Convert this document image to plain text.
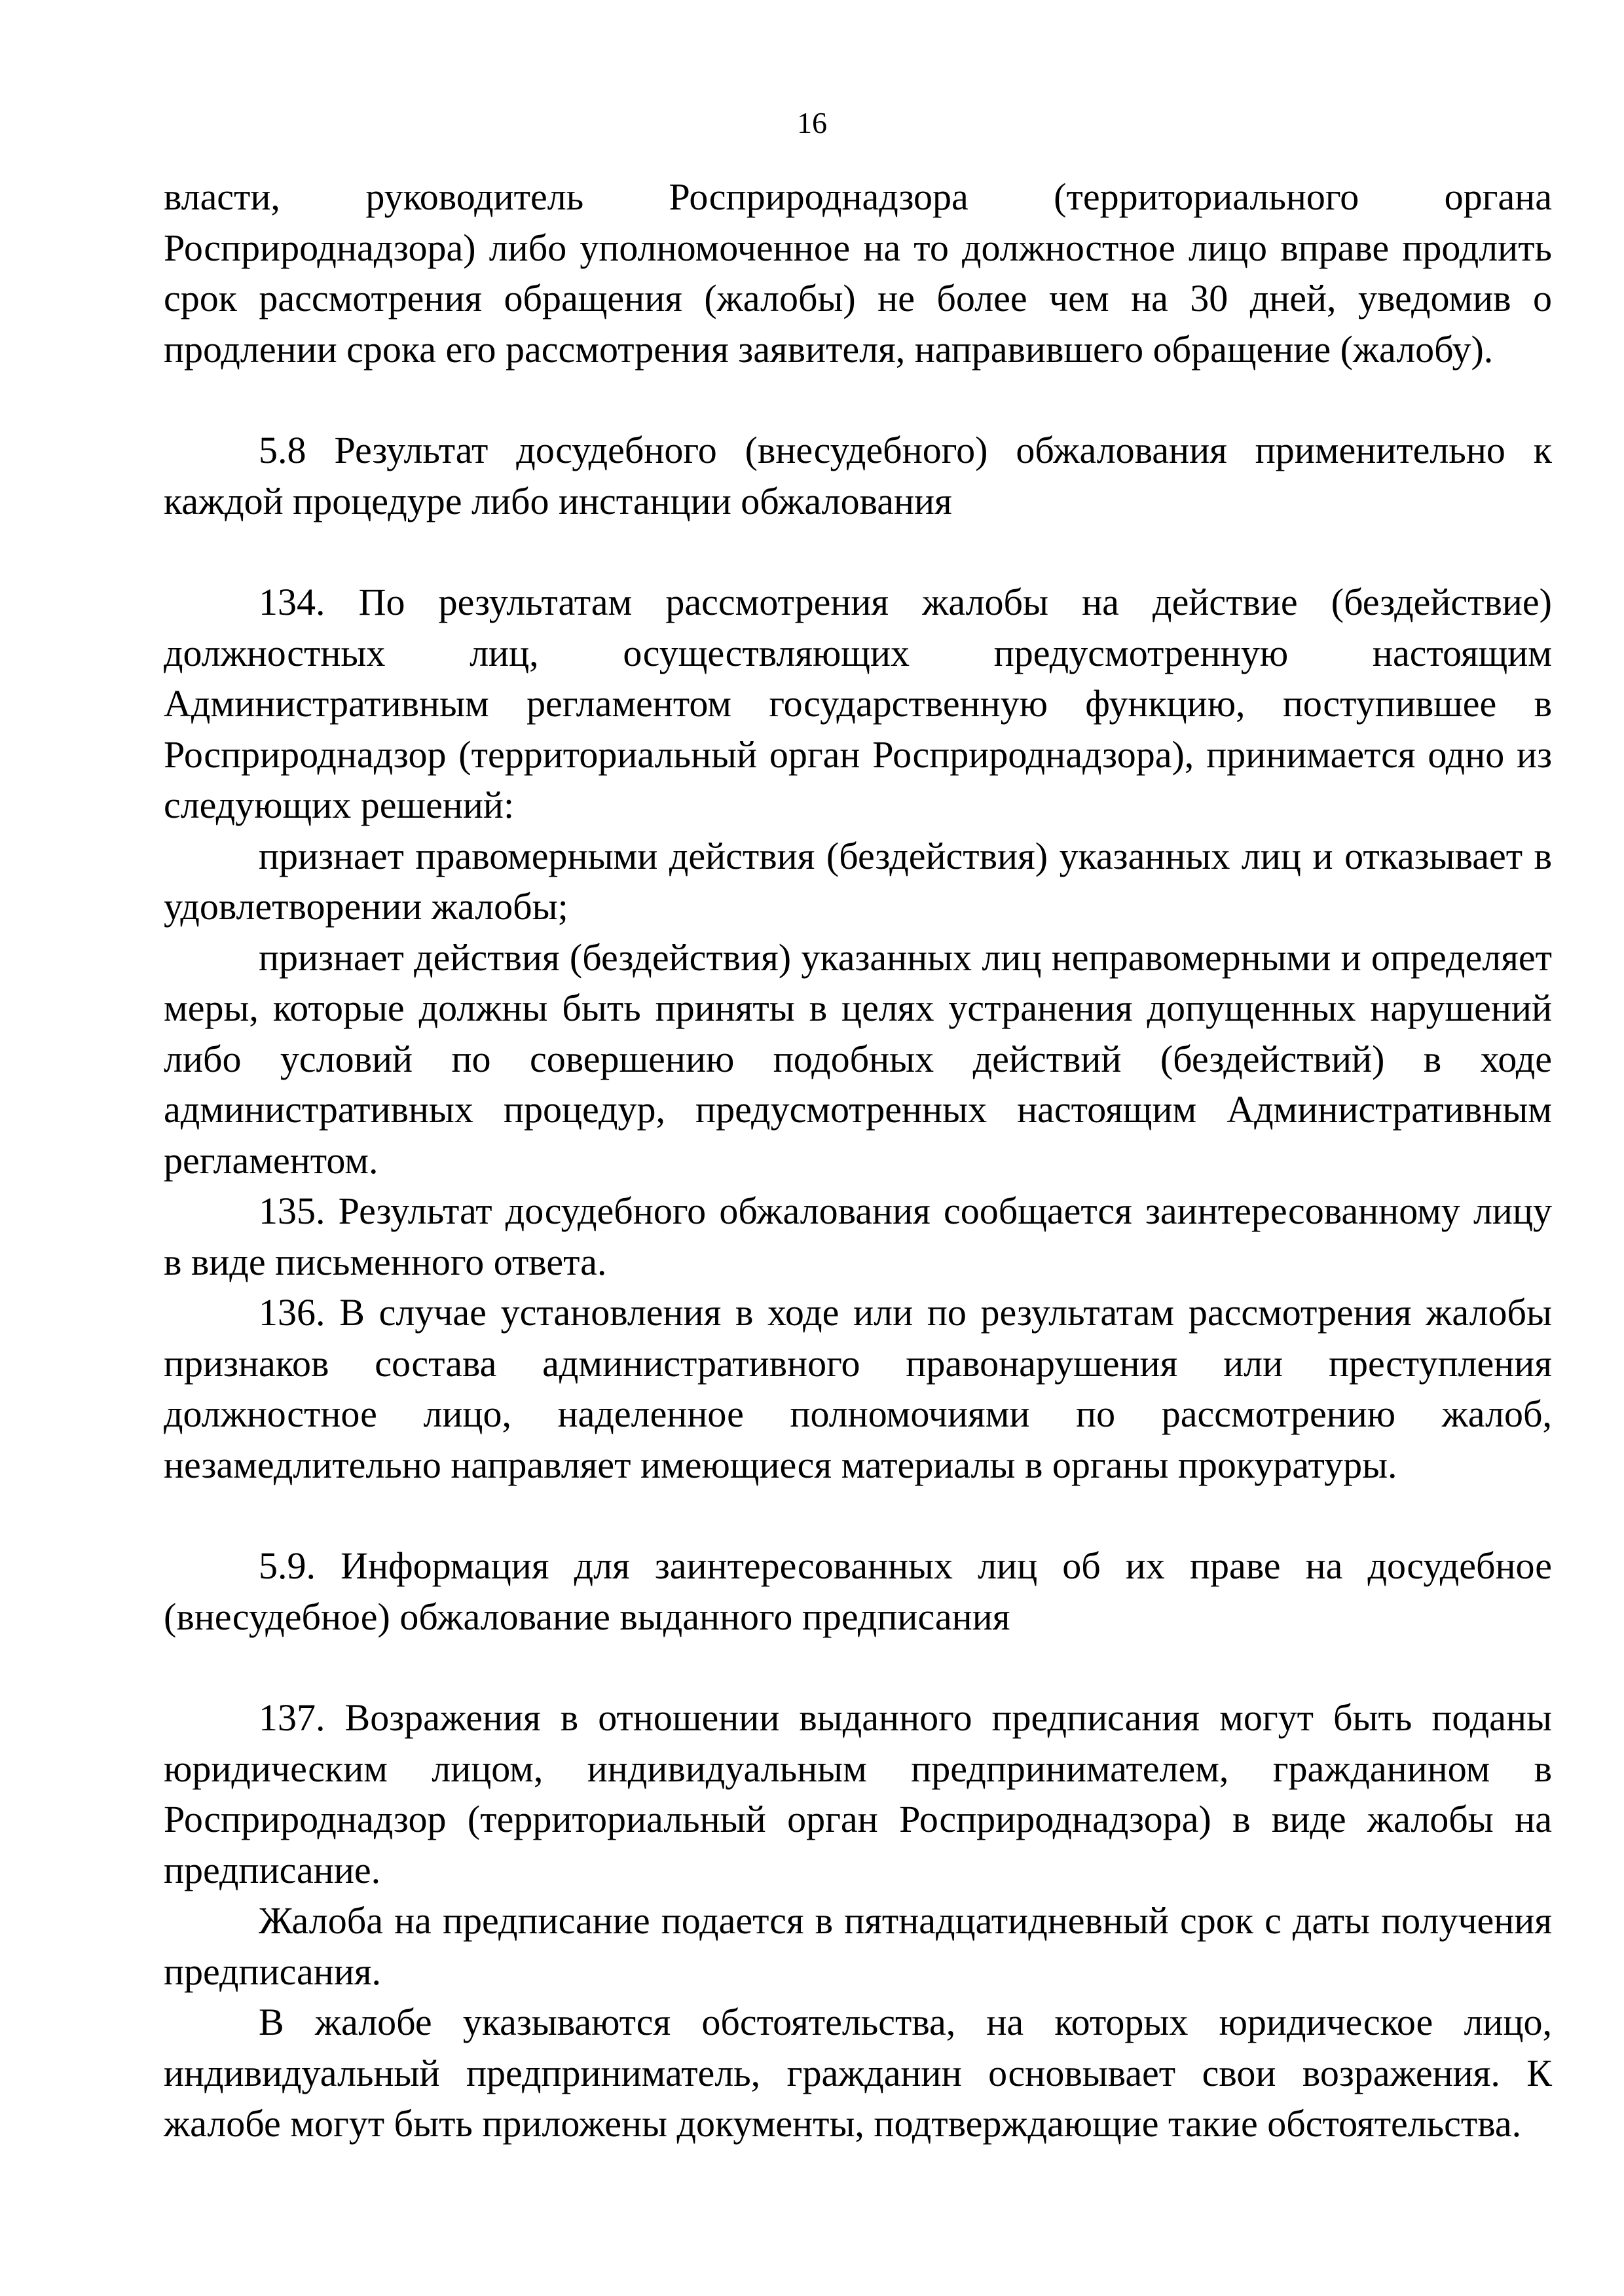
16

власти, руководитель Росприроднадзора (территориального органа Росприроднадзора) либо уполномоченное на то должностное лицо вправе продлить срок рассмотрения обращения (жалобы) не более чем на 30 дней, уведомив о продлении срока его рассмотрения заявителя, направившего обращение (жалобу).

5.8 Результат досудебного (внесудебного) обжалования применительно к каждой процедуре либо инстанции обжалования

134. По результатам рассмотрения жалобы на действие (бездействие) должностных лиц, осуществляющих предусмотренную настоящим Административным регламентом государственную функцию, поступившее в Росприроднадзор (территориальный орган Росприроднадзора), принимается одно из следующих решений:

признает правомерными действия (бездействия) указанных лиц и отказывает в удовлетворении жалобы;

признает действия (бездействия) указанных лиц неправомерными и определяет меры, которые должны быть приняты в целях устранения допущенных нарушений либо условий по совершению подобных действий (бездействий) в ходе административных процедур, предусмотренных настоящим Административным регламентом.

135. Результат досудебного обжалования сообщается заинтересованному лицу в виде письменного ответа.

136. В случае установления в ходе или по результатам рассмотрения жалобы признаков состава административного правонарушения или преступления должностное лицо, наделенное полномочиями по рассмотрению жалоб, незамедлительно направляет имеющиеся материалы в органы прокуратуры.

5.9. Информация для заинтересованных лиц об их праве на досудебное (внесудебное) обжалование выданного предписания

137. Возражения в отношении выданного предписания могут быть поданы юридическим лицом, индивидуальным предпринимателем, гражданином в Росприроднадзор (территориальный орган Росприроднадзора) в виде жалобы на предписание.

Жалоба на предписание подается в пятнадцатидневный срок с даты получения предписания.

В жалобе указываются обстоятельства, на которых юридическое лицо, индивидуальный предприниматель, гражданин основывает свои возражения. К жалобе могут быть приложены документы, подтверждающие такие обстоятельства.
